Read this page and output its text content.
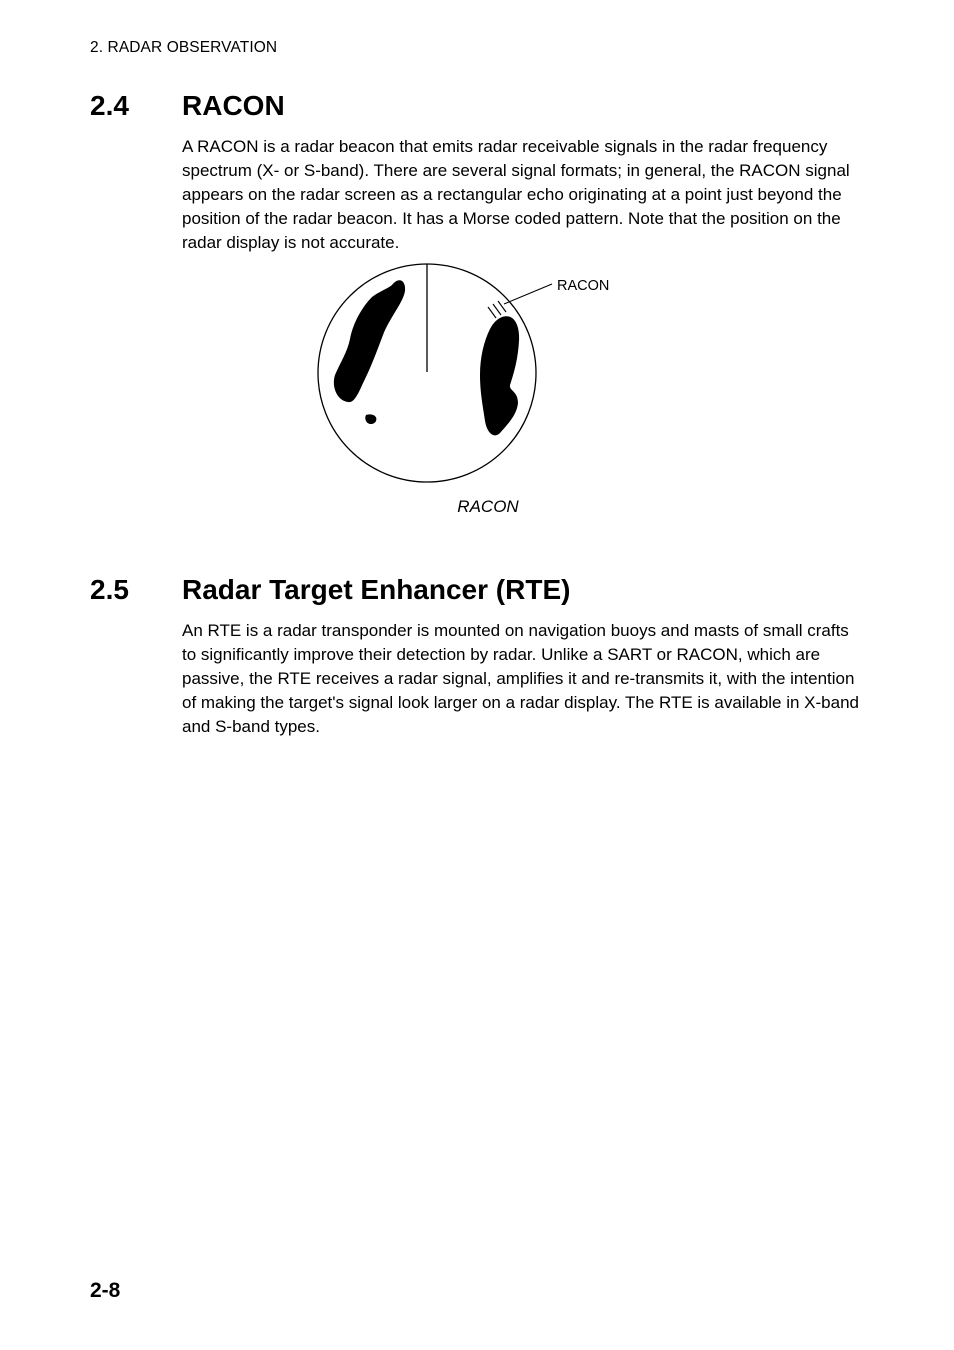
2. RADAR OBSERVATION
2.4 RACON

A RACON is a radar beacon that emits radar receivable signals in the radar frequency spectrum (X- or S-band). There are several signal formats; in general, the RACON signal appears on the radar screen as a rectangular echo originating at a point just beyond the position of the radar beacon. It has a Morse coded pattern. Note that the position on the radar display is not accurate.

RACON
RACON
2.5 Radar Target Enhancer (RTE)

An RTE is a radar transponder is mounted on navigation buoys and masts of small crafts to significantly improve their detection by radar. Unlike a SART or RACON, which are passive, the RTE receives a radar signal, amplifies it and re-transmits it, with the intention of making the target's signal look larger on a radar display. The RTE is available in X-band and S-band types.

2-8
